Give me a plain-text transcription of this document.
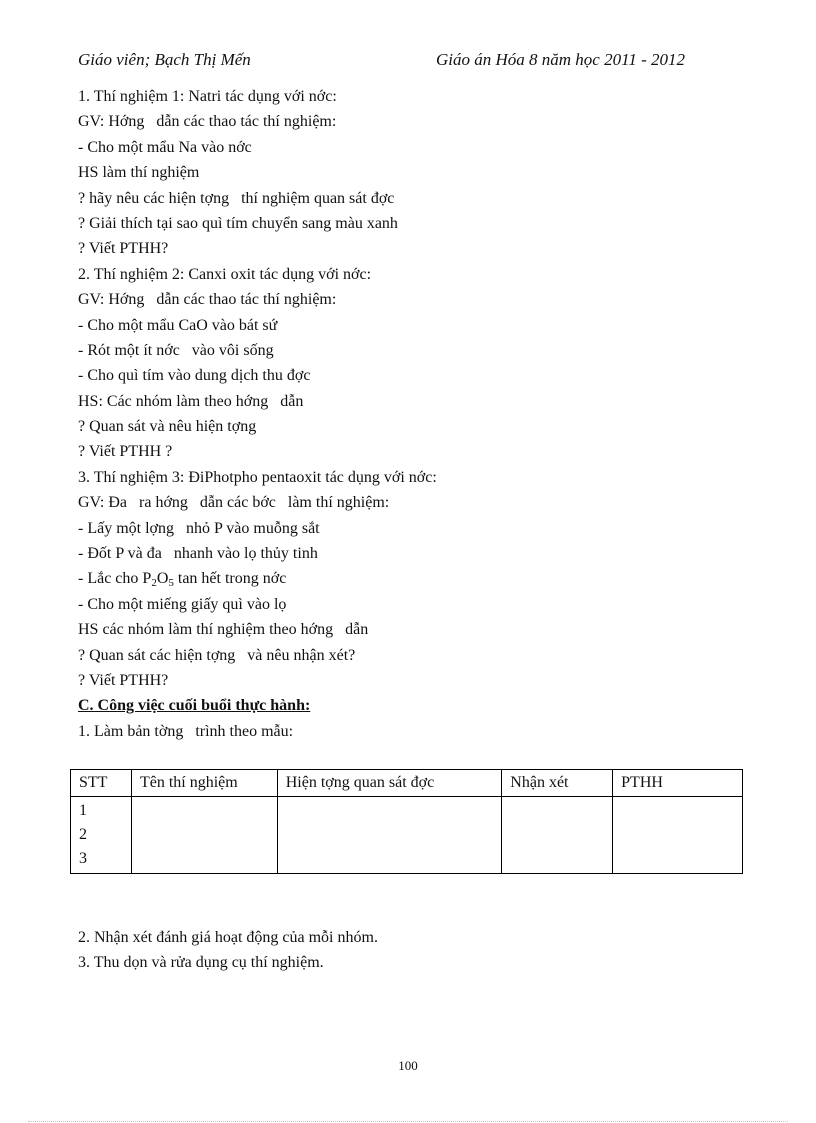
Giáo viên; Bạch Thị Mến	Giáo án Hóa 8 năm học 2011 - 2012
1. Thí nghiệm 1: Natri tác dụng với nớc:
GV: Hớng   dẫn các thao tác thí nghiệm:
- Cho một mẩu Na vào nớc
HS làm thí nghiệm
? hãy nêu các hiện tợng   thí nghiệm quan sát đợc
? Giải thích tại sao quì tím chuyển sang màu xanh
? Viết PTHH?
2. Thí nghiệm 2: Canxi oxit tác dụng với nớc:
GV: Hớng   dẫn các thao tác thí nghiệm:
- Cho một mẩu CaO vào bát sứ
- Rót một ít nớc   vào vôi sống
- Cho quì tím vào dung dịch thu đợc
HS: Các nhóm làm theo hớng   dẫn
? Quan sát và nêu hiện tợng
? Viết PTHH ?
3. Thí nghiệm 3: ĐiPhotpho pentaoxit tác dụng với nớc:
GV: Đa   ra hớng   dẫn các bớc   làm thí nghiệm:
- Lấy một lợng   nhỏ P vào muỗng sắt
- Đốt P và đa   nhanh vào lọ thủy tinh
- Lắc cho $P_2O_5$ tan hết trong nớc
- Cho một miếng giấy quì vào lọ
HS các nhóm làm thí nghiệm theo hớng   dẫn
? Quan sát các hiện tợng   và nêu nhận xét?
? Viết PTHH?
C. Công việc cuối buổi thực hành:
1. Làm bản tờng   trình theo mẫu:
STT	Tên thí nghiệm	Hiện tợng quan sát đợc	Nhận xét	PTHH

1
2
3				

2. Nhận xét đánh giá hoạt động của mỗi nhóm.
3. Thu dọn và rửa dụng cụ thí nghiệm.
100
